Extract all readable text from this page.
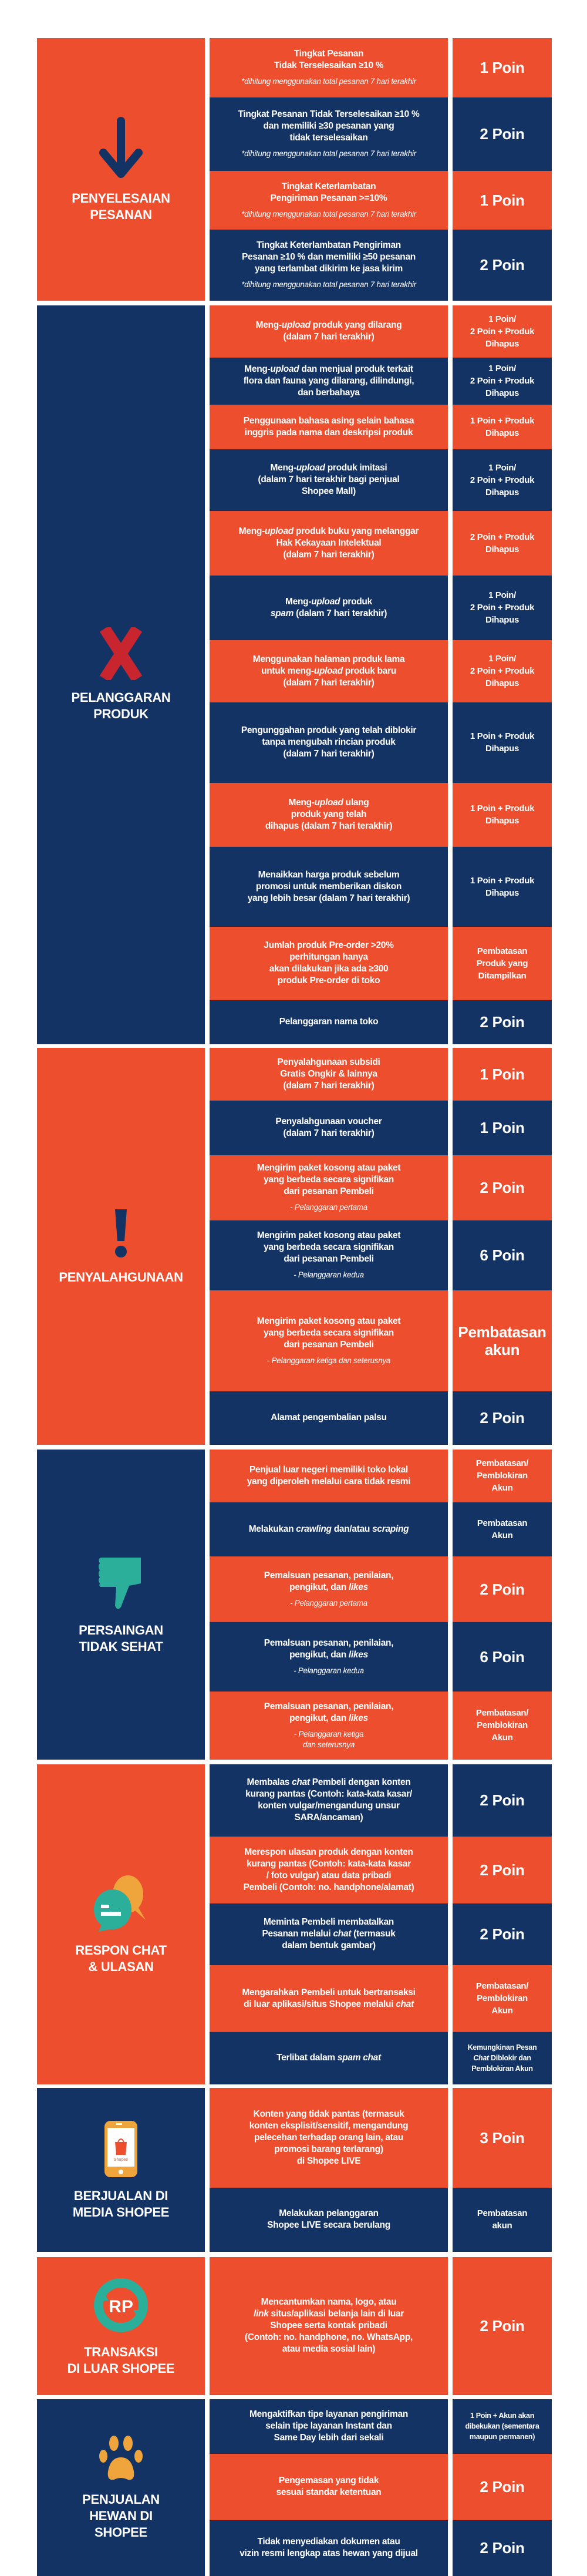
PENYELESAIAN
PESANAN
Tingkat Pesanan
Tidak Terselesaikan ≥10 %
*dihitung menggunakan total pesanan 7 hari terakhir
Tingkat Pesanan Tidak Terselesaikan ≥10 %
dan memiliki ≥30 pesanan yang
tidak terselesaikan
*dihitung menggunakan total pesanan 7 hari terakhir
Tingkat Keterlambatan
Pengiriman Pesanan >=10%
*dihitung menggunakan total pesanan 7 hari terakhir
Tingkat Keterlambatan Pengiriman
Pesanan ≥10 % dan memiliki ≥50 pesanan
yang terlambat dikirim ke jasa kirim
*dihitung menggunakan total pesanan 7 hari terakhir
1 Poin
2 Poin
1 Poin
2 Poin
PELANGGARAN
PRODUK
Meng-upload produk yang dilarang
(dalam 7 hari terakhir)
Meng-upload dan menjual produk terkait
flora dan fauna yang dilarang, dilindungi,
dan berbahaya
Penggunaan bahasa asing selain bahasa
inggris pada nama dan deskripsi produk
Meng-upload produk imitasi
(dalam 7 hari terakhir bagi penjual
Shopee Mall)
Meng-upload produk buku yang melanggar
Hak Kekayaan Intelektual
(dalam 7 hari terakhir)
Meng-upload produk
spam (dalam 7 hari terakhir)
Menggunakan halaman produk lama
untuk meng-upload produk baru
(dalam 7 hari terakhir)
Pengunggahan produk yang telah diblokir
tanpa mengubah rincian produk
(dalam 7 hari terakhir)
Meng-upload ulang
produk yang telah
dihapus (dalam 7 hari terakhir)
Menaikkan harga produk sebelum
promosi untuk memberikan diskon
yang lebih besar (dalam 7 hari terakhir)
Jumlah produk Pre-order >20%
perhitungan hanya
akan dilakukan jika ada ≥300
produk Pre-order di toko
Pelanggaran nama toko
1 Poin/
2 Poin + Produk
Dihapus
1 Poin/
2 Poin + Produk
Dihapus
1 Poin + Produk
Dihapus
1 Poin/
2 Poin + Produk
Dihapus
2 Poin + Produk
Dihapus
1 Poin/
2 Poin + Produk
Dihapus
1 Poin/
2 Poin + Produk
Dihapus
1 Poin + Produk
Dihapus
1 Poin + Produk
Dihapus
1 Poin + Produk
Dihapus
Pembatasan
Produk yang
Ditampilkan
2 Poin
PENYALAHGUNAAN
Penyalahgunaan subsidi
Gratis Ongkir & lainnya
(dalam 7 hari terakhir)
Penyalahgunaan voucher
(dalam 7 hari terakhir)
Mengirim paket kosong atau paket
yang berbeda secara signifikan
dari pesanan Pembeli
- Pelanggaran pertama
Mengirim paket kosong atau paket
yang berbeda secara signifikan
dari pesanan Pembeli
- Pelanggaran kedua
Mengirim paket kosong atau paket
yang berbeda secara signifikan
dari pesanan Pembeli
- Pelanggaran ketiga dan seterusnya
Alamat pengembalian palsu
1 Poin
1 Poin
2 Poin
6 Poin
Pembatasan
akun
2 Poin
PERSAINGAN
TIDAK SEHAT
Penjual luar negeri memiliki toko lokal
yang diperoleh melalui cara tidak resmi
Melakukan crawling dan/atau scraping
Pemalsuan pesanan, penilaian,
pengikut, dan likes
- Pelanggaran pertama
Pemalsuan pesanan, penilaian,
pengikut, dan likes
- Pelanggaran kedua
Pemalsuan pesanan, penilaian,
pengikut, dan likes
- Pelanggaran ketiga
dan seterusnya
Pembatasan/
Pemblokiran
Akun
Pembatasan
Akun
2 Poin
6 Poin
Pembatasan/
Pemblokiran
Akun
RESPON CHAT
& ULASAN
Membalas chat Pembeli dengan konten
kurang pantas (Contoh: kata-kata kasar/
konten vulgar/mengandung unsur
SARA/ancaman)
Merespon ulasan produk dengan konten
kurang pantas (Contoh: kata-kata kasar
/ foto vulgar) atau data pribadi
Pembeli (Contoh: no. handphone/alamat)
Meminta Pembeli membatalkan
Pesanan melalui chat (termasuk
dalam bentuk gambar)
Mengarahkan Pembeli untuk bertransaksi
di luar aplikasi/situs Shopee melalui chat
Terlibat dalam spam chat
2 Poin
2 Poin
2 Poin
Pembatasan/
Pemblokiran
Akun
Kemungkinan Pesan
Chat Diblokir dan
Pemblokiran Akun
Shopee
BERJUALAN DI
MEDIA SHOPEE
Konten yang tidak pantas (termasuk
konten eksplisit/sensitif, mengandung
pelecehan terhadap orang lain, atau
promosi barang terlarang)
di Shopee LIVE
Melakukan pelanggaran
Shopee LIVE secara berulang
3 Poin
Pembatasan
akun
RP
TRANSAKSI
DI LUAR SHOPEE
Mencantumkan nama, logo, atau
link situs/aplikasi belanja lain di luar
Shopee serta kontak pribadi
(Contoh: no. handphone, no. WhatsApp,
atau media sosial lain)
2 Poin
PENJUALAN
HEWAN DI
SHOPEE
Mengaktifkan tipe layanan pengiriman
selain tipe layanan Instant dan
Same Day lebih dari sekali
Pengemasan yang tidak
sesuai standar ketentuan
Tidak menyediakan dokumen atau
vizin resmi lengkap atas hewan yang dijual
1 Poin + Akun akan
dibekukan (sementara
maupun permanen)
2 Poin
2 Poin
